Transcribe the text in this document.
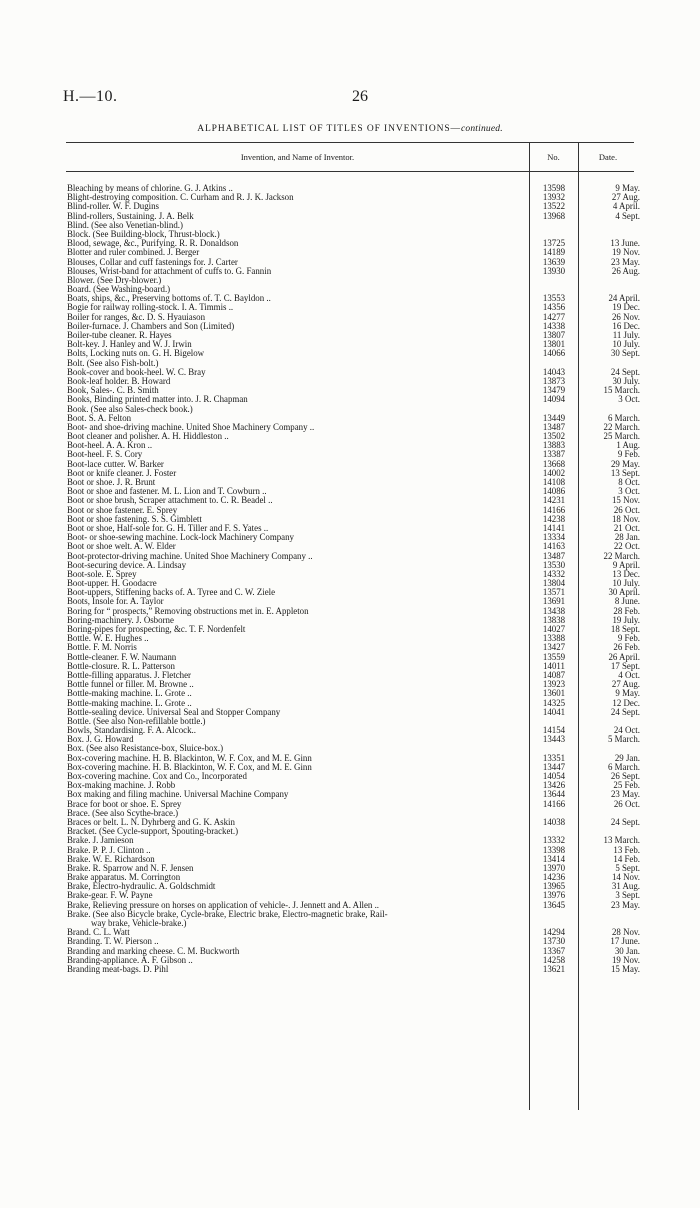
H.—10.	26
ALPHABETICAL LIST OF TITLES OF INVENTIONS—continued.
Invention, and Name of Inventor.	No.	Date.
Bleaching by means of chlorine. G. J. Atkins ..	13598	9 May.
Blight-destroying composition. C. Curham and R. J. K. Jackson	13932	27 Aug.
Blind-roller. W. F. Dugins	13522	4 April.
Blind-rollers, Sustaining. J. A. Belk	13968	4 Sept.
Blind. (See also Venetian-blind.)
Block. (See Building-block, Thrust-block.)
Blood, sewage, &c., Purifying. R. R. Donaldson	13725	13 June.
Blotter and ruler combined. J. Berger	14189	19 Nov.
Blouses, Collar and cuff fastenings for. J. Carter	13639	23 May.
Blouses, Wrist-band for attachment of cuffs to. G. Fannin	13930	26 Aug.
Blower. (See Dry-blower.)
Board. (See Washing-board.)
Boats, ships, &c., Preserving bottoms of. T. C. Bayldon ..	13553	24 April.
Bogie for railway rolling-stock. I. A. Timmis ..	14356	19 Dec.
Boiler for ranges, &c. D. S. Hyauiason	14277	26 Nov.
Boiler-furnace. J. Chambers and Son (Limited)	14338	16 Dec.
Boiler-tube cleaner. R. Hayes	13807	11 July.
Bolt-key. J. Hanley and W. J. Irwin	13801	10 July.
Bolts, Locking nuts on. G. H. Bigelow	14066	30 Sept.
Bolt. (See also Fish-bolt.)
Book-cover and book-heel. W. C. Bray	14043	24 Sept.
Book-leaf holder. B. Howard	13873	30 July.
Book, Sales-. C. B. Smith	13479	15 March.
Books, Binding printed matter into. J. R. Chapman	14094	3 Oct.
Book. (See also Sales-check book.)
Boot. S. A. Felton	13449	6 March.
Boot- and shoe-driving machine. United Shoe Machinery Company ..	13487	22 March.
Boot cleaner and polisher. A. H. Hiddleston ..	13502	25 March.
Boot-heel. A. A. Kron ..	13883	1 Aug.
Boot-heel. F. S. Cory	13387	9 Feb.
Boot-lace cutter. W. Barker	13668	29 May.
Boot or knife cleaner. J. Foster	14002	13 Sept.
Boot or shoe. J. R. Brunt	14108	8 Oct.
Boot or shoe and fastener. M. L. Lion and T. Cowburn ..	14086	3 Oct.
Boot or shoe brush, Scraper attachment to. C. R. Beadel ..	14231	15 Nov.
Boot or shoe fastener. E. Sprey	14166	26 Oct.
Boot or shoe fastening. S. S. Gimblett	14238	18 Nov.
Boot or shoe, Half-sole for. G. H. Tiller and F. S. Yates ..	14141	21 Oct.
Boot- or shoe-sewing machine. Lock-lock Machinery Company	13334	28 Jan.
Boot or shoe welt. A. W. Elder	14163	22 Oct.
Boot-protector-driving machine. United Shoe Machinery Company ..	13487	22 March.
Boot-securing device. A. Lindsay	13530	9 April.
Boot-sole. E. Sprey	14332	13 Dec.
Boot-upper. H. Goodacre	13804	10 July.
Boot-uppers, Stiffening backs of. A. Tyree and C. W. Ziele	13571	30 April.
Boots, Insole for. A. Taylor	13691	8 June.
Boring for “ prospects,” Removing obstructions met in. E. Appleton	13438	28 Feb.
Boring-machinery. J. Osborne	13838	19 July.
Boring-pipes for prospecting, &c. T. F. Nordenfelt	14027	18 Sept.
Bottle. W. E. Hughes ..	13388	9 Feb.
Bottle. F. M. Norris	13427	26 Feb.
Bottle-cleaner. F. W. Naumann	13559	26 April.
Bottle-closure. R. L. Patterson	14011	17 Sept.
Bottle-filling apparatus. J. Fletcher	14087	4 Oct.
Bottle funnel or filler. M. Browne ..	13923	27 Aug.
Bottle-making machine. L. Grote ..	13601	9 May.
Bottle-making machine. L. Grote ..	14325	12 Dec.
Bottle-sealing device. Universal Seal and Stopper Company	14041	24 Sept.
Bottle. (See also Non-refillable bottle.)
Bowls, Standardising. F. A. Alcock..	14154	24 Oct.
Box. J. G. Howard	13443	5 March.
Box. (See also Resistance-box, Sluice-box.)
Box-covering machine. H. B. Blackinton, W. F. Cox, and M. E. Ginn	13351	29 Jan.
Box-covering machine. H. B. Blackinton, W. F. Cox, and M. E. Ginn	13447	6 March.
Box-covering machine. Cox and Co., Incorporated	14054	26 Sept.
Box-making machine. J. Robb	13426	25 Feb.
Box making and filing machine. Universal Machine Company	13644	23 May.
Brace for boot or shoe. E. Sprey	14166	26 Oct.
Brace. (See also Scythe-brace.)
Braces or belt. L. N. Dyhrberg and G. K. Askin	14038	24 Sept.
Bracket. (See Cycle-support, Spouting-bracket.)
Brake. J. Jamieson	13332	13 March.
Brake. P. P. J. Clinton ..	13398	13 Feb.
Brake. W. E. Richardson	13414	14 Feb.
Brake. R. Sparrow and N. F. Jensen	13970	5 Sept.
Brake apparatus. M. Corrington	14236	14 Nov.
Brake, Electro-hydraulic. A. Goldschmidt	13965	31 Aug.
Brake-gear. F. W. Payne	13976	3 Sept.
Brake, Relieving pressure on horses on application of vehicle-. J. Jennett and A. Allen ..	13645	23 May.
Brake. (See also Bicycle brake, Cycle-brake, Electric brake, Electro-magnetic brake, Rail-
way brake, Vehicle-brake.)
Brand. C. L. Watt	14294	28 Nov.
Branding. T. W. Pierson ..	13730	17 June.
Branding and marking cheese. C. M. Buckworth	13367	30 Jan.
Branding-appliance. A. F. Gibson ..	14258	19 Nov.
Branding meat-bags. D. Pihl	13621	15 May.
